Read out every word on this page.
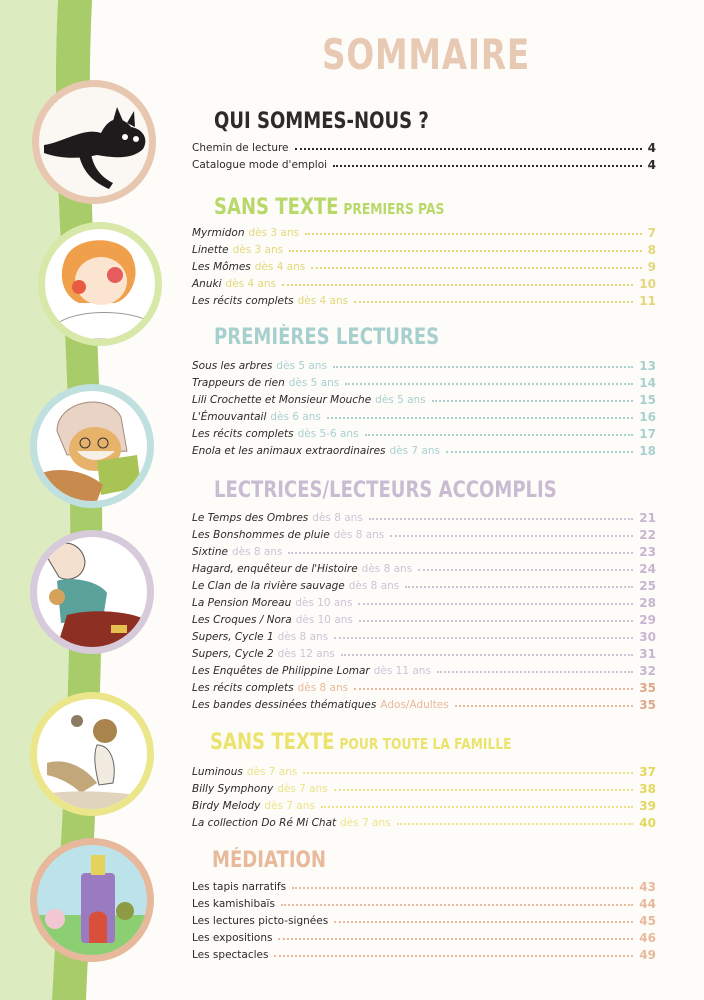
SOMMAIRE
QUI SOMMES-NOUS ?
SANS TEXTE PREMIERS PAS
PREMIÈRES LECTURES
LECTRICES/LECTEURS ACCOMPLIS
SANS TEXTE POUR TOUTE LA FAMILLE
MÉDIATION
Chemin de lecture	4
Catalogue mode d'emploi	4
Myrmidon dès 3 ans	7
Linette dès 3 ans	8
Les Mômes dès 4 ans	9
Anuki dès 4 ans	10
Les récits complets dès 4 ans	11
Sous les arbres dès 5 ans	13
Trappeurs de rien dès 5 ans	14
Lili Crochette et Monsieur Mouche dès 5 ans	15
L'Émouvantail dès 6 ans	16
Les récits complets dès 5-6 ans	17
Enola et les animaux extraordinaires dès 7 ans	18
Le Temps des Ombres dès 8 ans	21
Les Bonshommes de pluie dès 8 ans	22
Sixtine dès 8 ans	23
Hagard, enquêteur de l'Histoire dès 8 ans	24
Le Clan de la rivière sauvage dès 8 ans	25
La Pension Moreau dès 10 ans	28
Les Croques / Nora dès 10 ans	29
Supers, Cycle 1 dès 8 ans	30
Supers, Cycle 2 dès 12 ans	31
Les Enquêtes de Philippine Lomar dès 11 ans	32
Les récits complets dès 8 ans	35
Les bandes dessinées thématiques Ados/Adultes	35
Luminous dès 7 ans	37
Billy Symphony dès 7 ans	38
Birdy Melody dès 7 ans	39
La collection Do Ré Mi Chat dès 7 ans	40
Les tapis narratifs	43
Les kamishibaïs	44
Les lectures picto-signées	45
Les expositions	46
Les spectacles	49
